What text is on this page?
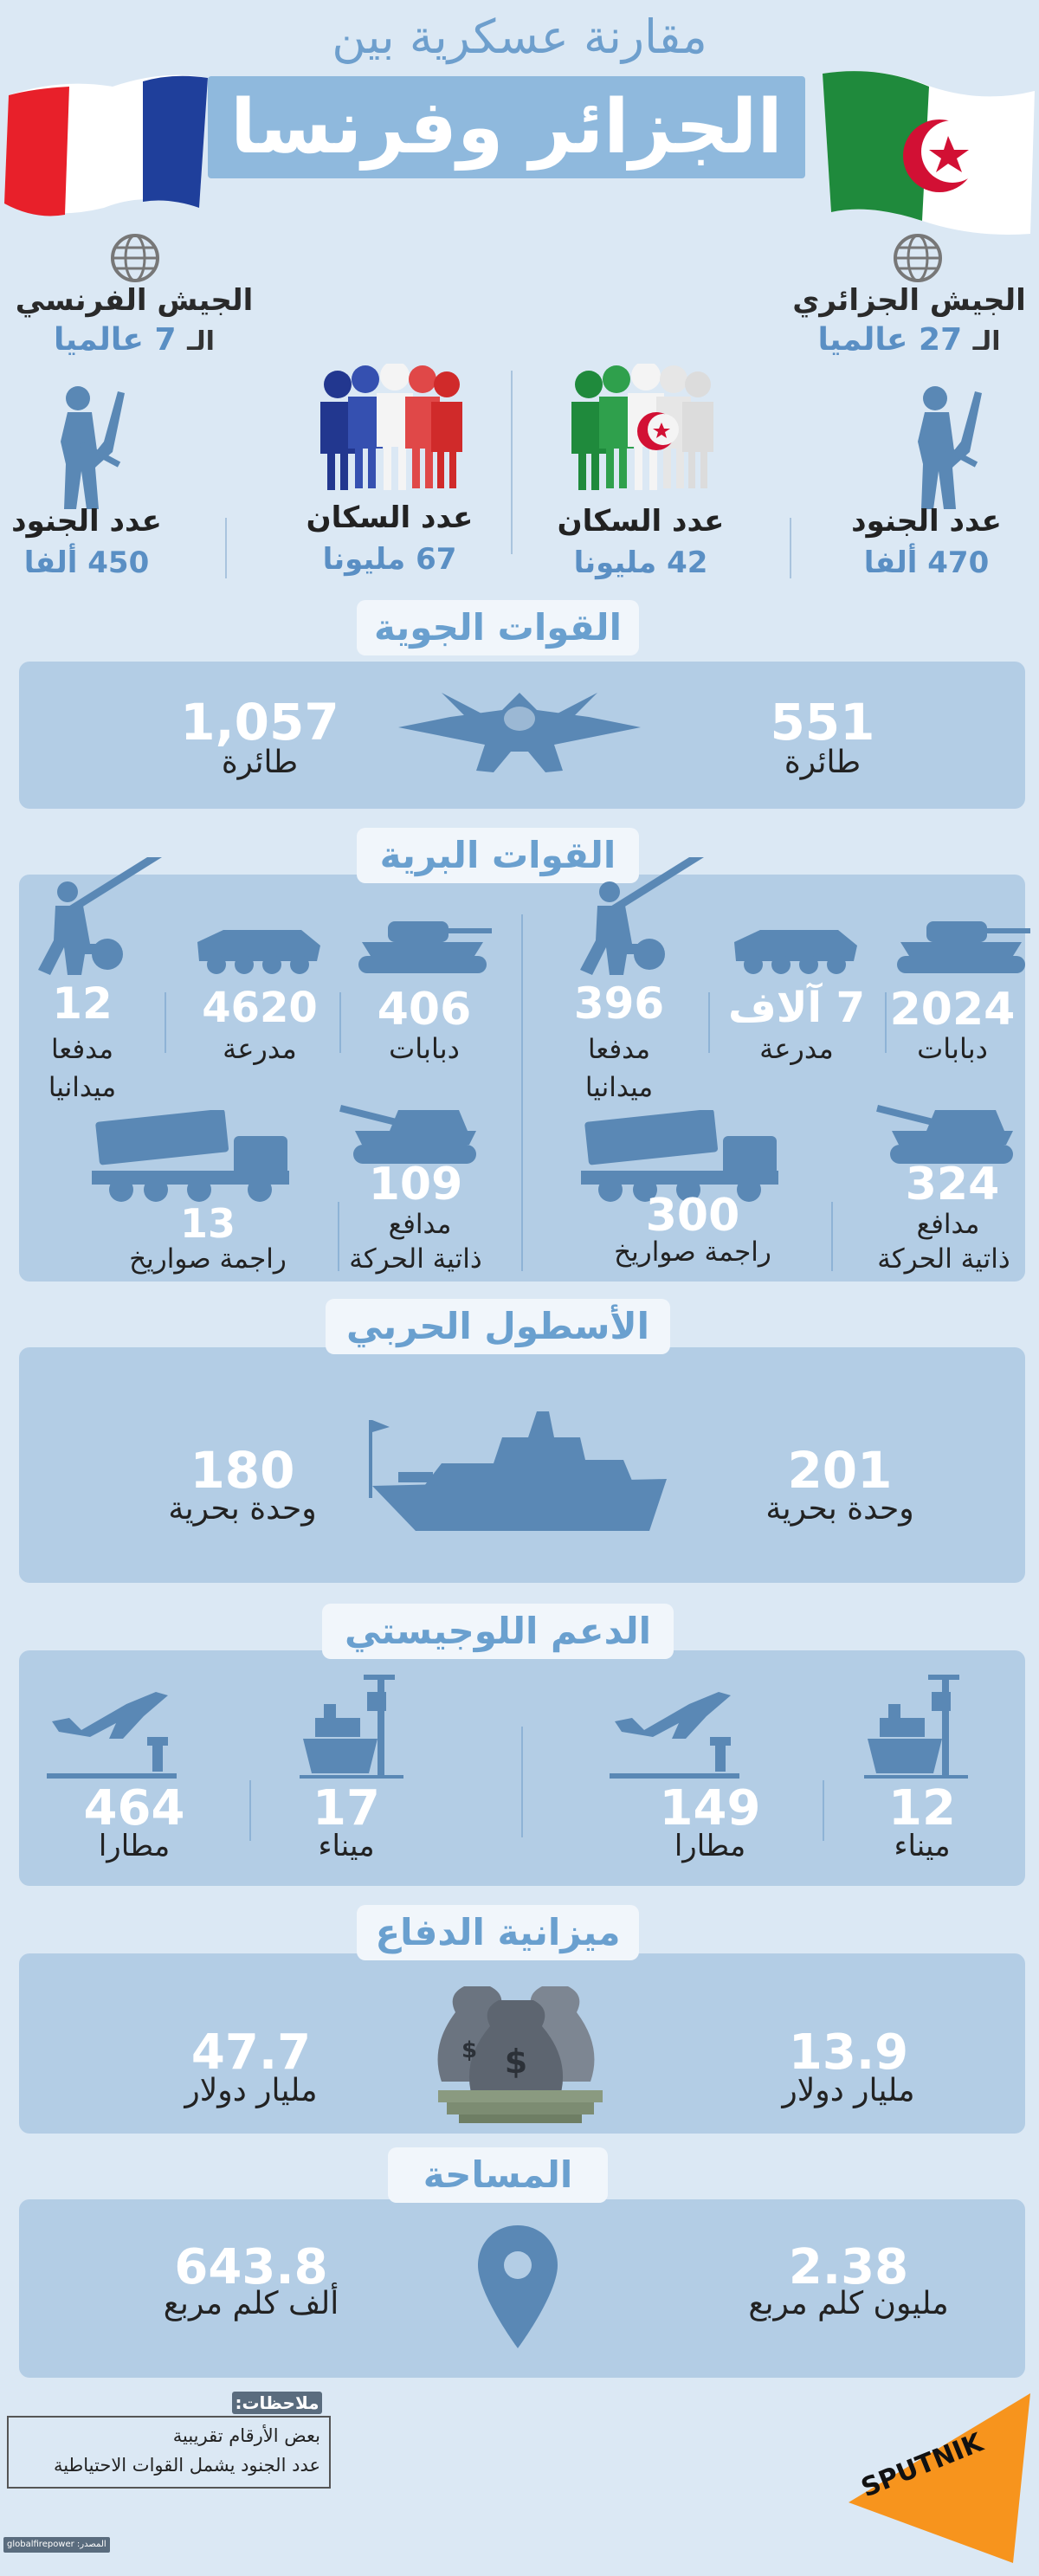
مقارنة عسكرية بين
الجزائر وفرنسا
الجيش الجزائري
الـ 27 عالميا
الجيش الفرنسي
الـ 7 عالميا
عدد الجنود
470 ألفا
عدد السكان
42 مليونا
عدد السكان
67 مليونا
عدد الجنود
450 ألفا
القوات الجوية
551
طائرة
1,057
طائرة
القوات البرية
2024
دبابات
7 آلاف
مدرعة
396
مدفعا ميدانيا
324
مدافع
ذاتية الحركة
300
راجمة صواريخ
406
دبابات
4620
مدرعة
12
مدفعا ميدانيا
109
مدافع
ذاتية الحركة
13
راجمة صواريخ
الأسطول الحربي
201
وحدة بحرية
180
وحدة بحرية
الدعم اللوجيستي
12
ميناء
149
مطارا
17
ميناء
464
مطارا
ميزانية الدفاع
$
$	13.9
مليار دولار
47.7
مليار دولار
المساحة
2.38
مليون كلم مربع
643.8
ألف كلم مربع
ملاحظات:
بعض الأرقام تقريبية
عدد الجنود يشمل القوات الاحتياطية
المصدر: globalfirepower
SPUTNIK
